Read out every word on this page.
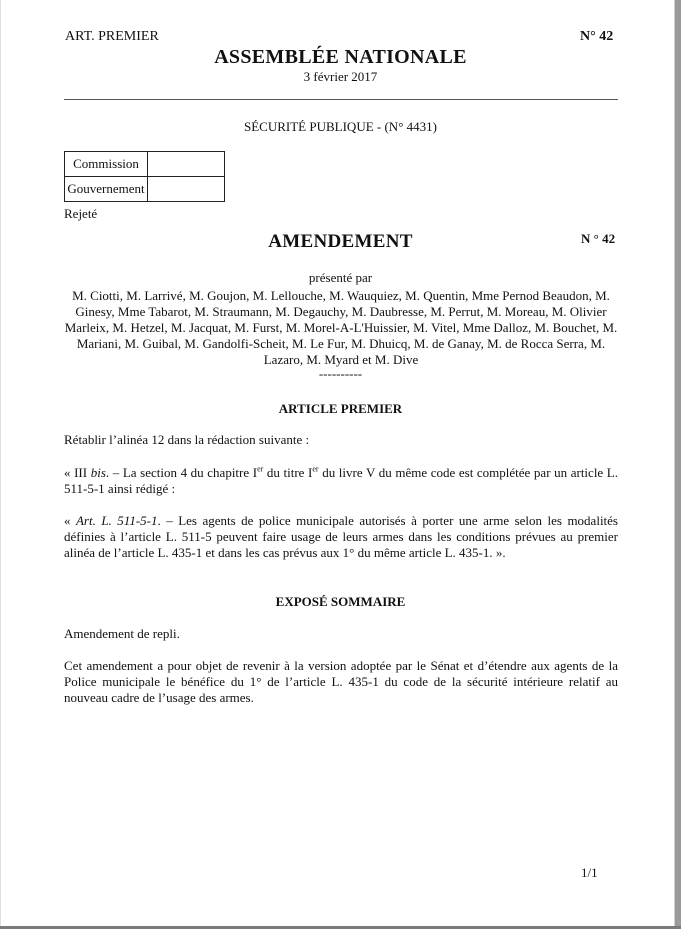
ART. PREMIER	N° 42
ASSEMBLÉE NATIONALE
3 février 2017
SÉCURITÉ PUBLIQUE - (N° 4431)
Commission	
Gouvernement	
Rejeté
AMENDEMENT	N ° 42
présenté par
M. Ciotti, M. Larrivé, M. Goujon, M. Lellouche, M. Wauquiez, M. Quentin, Mme Pernod Beaudon, M. Ginesy, Mme Tabarot, M. Straumann, M. Degauchy, M. Daubresse, M. Perrut, M. Moreau, M. Olivier Marleix, M. Hetzel, M. Jacquat, M. Furst, M. Morel-A-L'Huissier, M. Vitel, Mme Dalloz, M. Bouchet, M. Mariani, M. Guibal, M. Gandolfi-Scheit, M. Le Fur, M. Dhuicq, M. de Ganay, M. de Rocca Serra, M. Lazaro, M. Myard et M. Dive
----------
ARTICLE PREMIER
Rétablir l’alinéa 12 dans la rédaction suivante :
« III bis. – La section 4 du chapitre Ier du titre Ier du livre V du même code est complétée par un article L. 511-5-1 ainsi rédigé :
« Art. L. 511-5-1. – Les agents de police municipale autorisés à porter une arme selon les modalités définies à l’article L. 511-5 peuvent faire usage de leurs armes dans les conditions prévues au premier alinéa de l’article L. 435-1 et dans les cas prévus aux 1° du même article L. 435-1. ».
EXPOSÉ SOMMAIRE
Amendement de repli.
Cet amendement a pour objet de revenir à la version adoptée par le Sénat et d’étendre aux agents de la Police municipale le bénéfice du 1° de l’article L. 435-1 du code de la sécurité intérieure relatif au nouveau cadre de l’usage des armes.
1/1
